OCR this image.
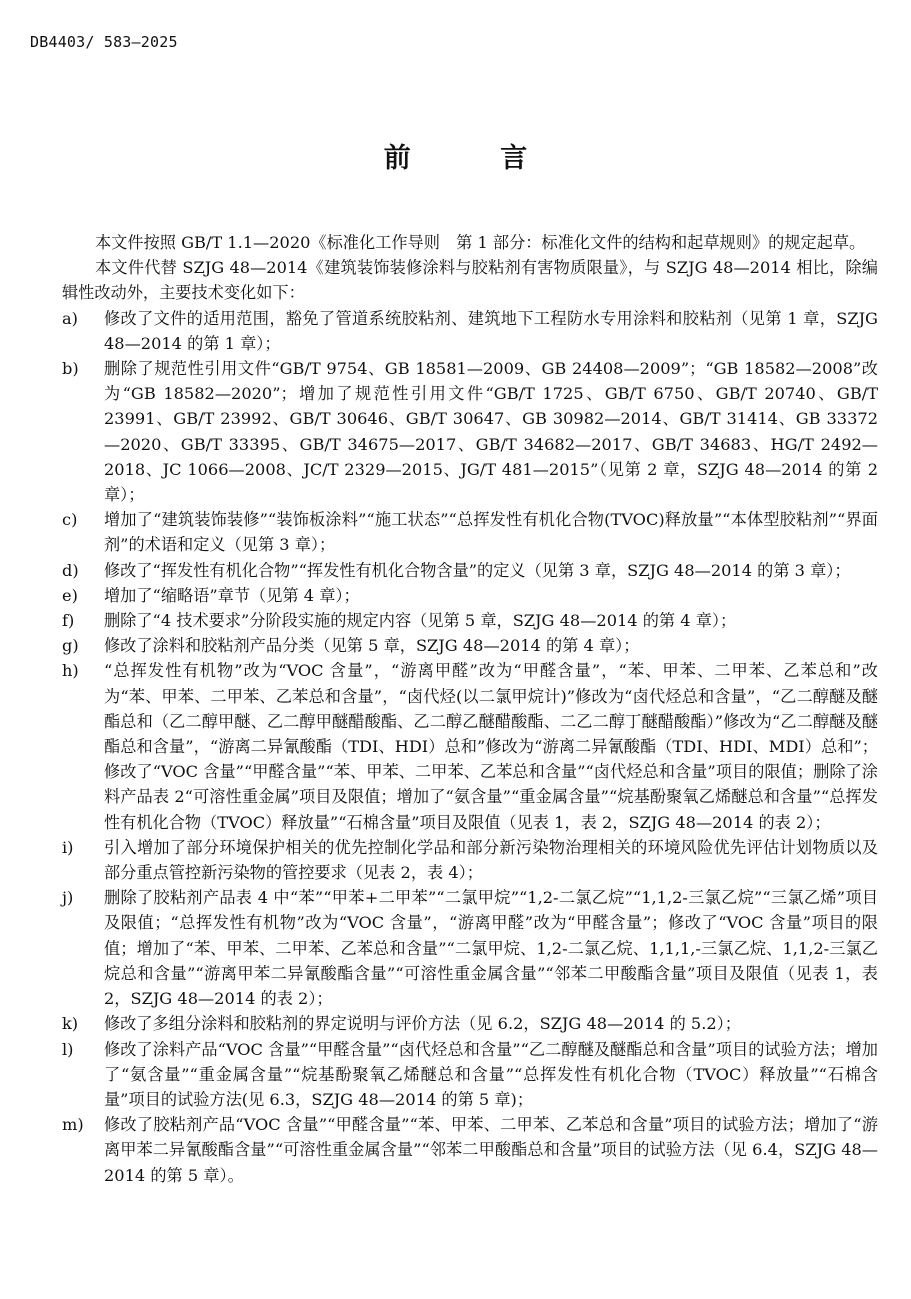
DB4403/ 583—2025
前 言

本文件按照 GB/T 1.1—2020《标准化工作导则　第 1 部分：标准化文件的结构和起草规则》的规定起草。

本文件代替 SZJG 48—2014《建筑装饰装修涂料与胶粘剂有害物质限量》，与 SZJG 48—2014 相比，除编辑性改动外，主要技术变化如下：

a)	修改了文件的适用范围，豁免了管道系统胶粘剂、建筑地下工程防水专用涂料和胶粘剂（见第 1 章，SZJG 48—2014 的第 1 章）；
b)	删除了规范性引用文件“GB/T 9754、GB 18581—2009、GB 24408—2009”；“GB 18582—2008”改为“GB 18582—2020”；增加了规范性引用文件“GB/T 1725、GB/T 6750、GB/T 20740、GB/T 23991、GB/T 23992、GB/T 30646、GB/T 30647、GB 30982—2014、GB/T 31414、GB 33372—2020、GB/T 33395、GB/T 34675—2017、GB/T 34682—2017、GB/T 34683、HG/T 2492—2018、JC 1066—2008、JC/T 2329—2015、JG/T 481—2015”（见第 2 章，SZJG 48—2014 的第 2 章）；
c)	增加了“建筑装饰装修”“装饰板涂料”“施工状态”“总挥发性有机化合物(TVOC)释放量”“本体型胶粘剂”“界面剂”的术语和定义（见第 3 章）；
d)	修改了“挥发性有机化合物”“挥发性有机化合物含量”的定义（见第 3 章，SZJG 48—2014 的第 3 章）；
e)	增加了“缩略语”章节（见第 4 章）；
f)	删除了“4 技术要求”分阶段实施的规定内容（见第 5 章，SZJG 48—2014 的第 4 章）；
g)	修改了涂料和胶粘剂产品分类（见第 5 章，SZJG 48—2014 的第 4 章）；
h)	“总挥发性有机物”改为“VOC 含量”，“游离甲醛”改为“甲醛含量”，“苯、甲苯、二甲苯、乙苯总和”改为“苯、甲苯、二甲苯、乙苯总和含量”，“卤代烃(以二氯甲烷计)”修改为“卤代烃总和含量”，“乙二醇醚及醚酯总和（乙二醇甲醚、乙二醇甲醚醋酸酯、乙二醇乙醚醋酸酯、二乙二醇丁醚醋酸酯）”修改为“乙二醇醚及醚酯总和含量”，“游离二异氰酸酯（TDI、HDI）总和”修改为“游离二异氰酸酯（TDI、HDI、MDI）总和”；修改了“VOC 含量”“甲醛含量”“苯、甲苯、二甲苯、乙苯总和含量”“卤代烃总和含量”项目的限值；删除了涂料产品表 2“可溶性重金属”项目及限值；增加了“氨含量”“重金属含量”“烷基酚聚氧乙烯醚总和含量”“总挥发性有机化合物（TVOC）释放量”“石棉含量”项目及限值（见表 1，表 2，SZJG 48—2014 的表 2）；
i)	引入增加了部分环境保护相关的优先控制化学品和部分新污染物治理相关的环境风险优先评估计划物质以及部分重点管控新污染物的管控要求（见表 2，表 4）；
j)	删除了胶粘剂产品表 4 中“苯”“甲苯+二甲苯”“二氯甲烷”“1,2-二氯乙烷”“1,1,2-三氯乙烷”“三氯乙烯”项目及限值；“总挥发性有机物”改为“VOC 含量”，“游离甲醛”改为“甲醛含量”；修改了“VOC 含量”项目的限值；增加了“苯、甲苯、二甲苯、乙苯总和含量”“二氯甲烷、1,2-二氯乙烷、1,1,1,-三氯乙烷、1,1,2-三氯乙烷总和含量”“游离甲苯二异氰酸酯含量”“可溶性重金属含量”“邻苯二甲酸酯含量”项目及限值（见表 1，表 2，SZJG 48—2014 的表 2）；
k)	修改了多组分涂料和胶粘剂的界定说明与评价方法（见 6.2，SZJG 48—2014 的 5.2）；
l)	修改了涂料产品“VOC 含量”“甲醛含量”“卤代烃总和含量”“乙二醇醚及醚酯总和含量”项目的试验方法；增加了“氨含量”“重金属含量”“烷基酚聚氧乙烯醚总和含量”“总挥发性有机化合物（TVOC）释放量”“石棉含量”项目的试验方法(见 6.3，SZJG 48—2014 的第 5 章)；
m)	修改了胶粘剂产品“VOC 含量”“甲醛含量”“苯、甲苯、二甲苯、乙苯总和含量”项目的试验方法；增加了“游离甲苯二异氰酸酯含量”“可溶性重金属含量”“邻苯二甲酸酯总和含量”项目的试验方法（见 6.4，SZJG 48—2014 的第 5 章）。
